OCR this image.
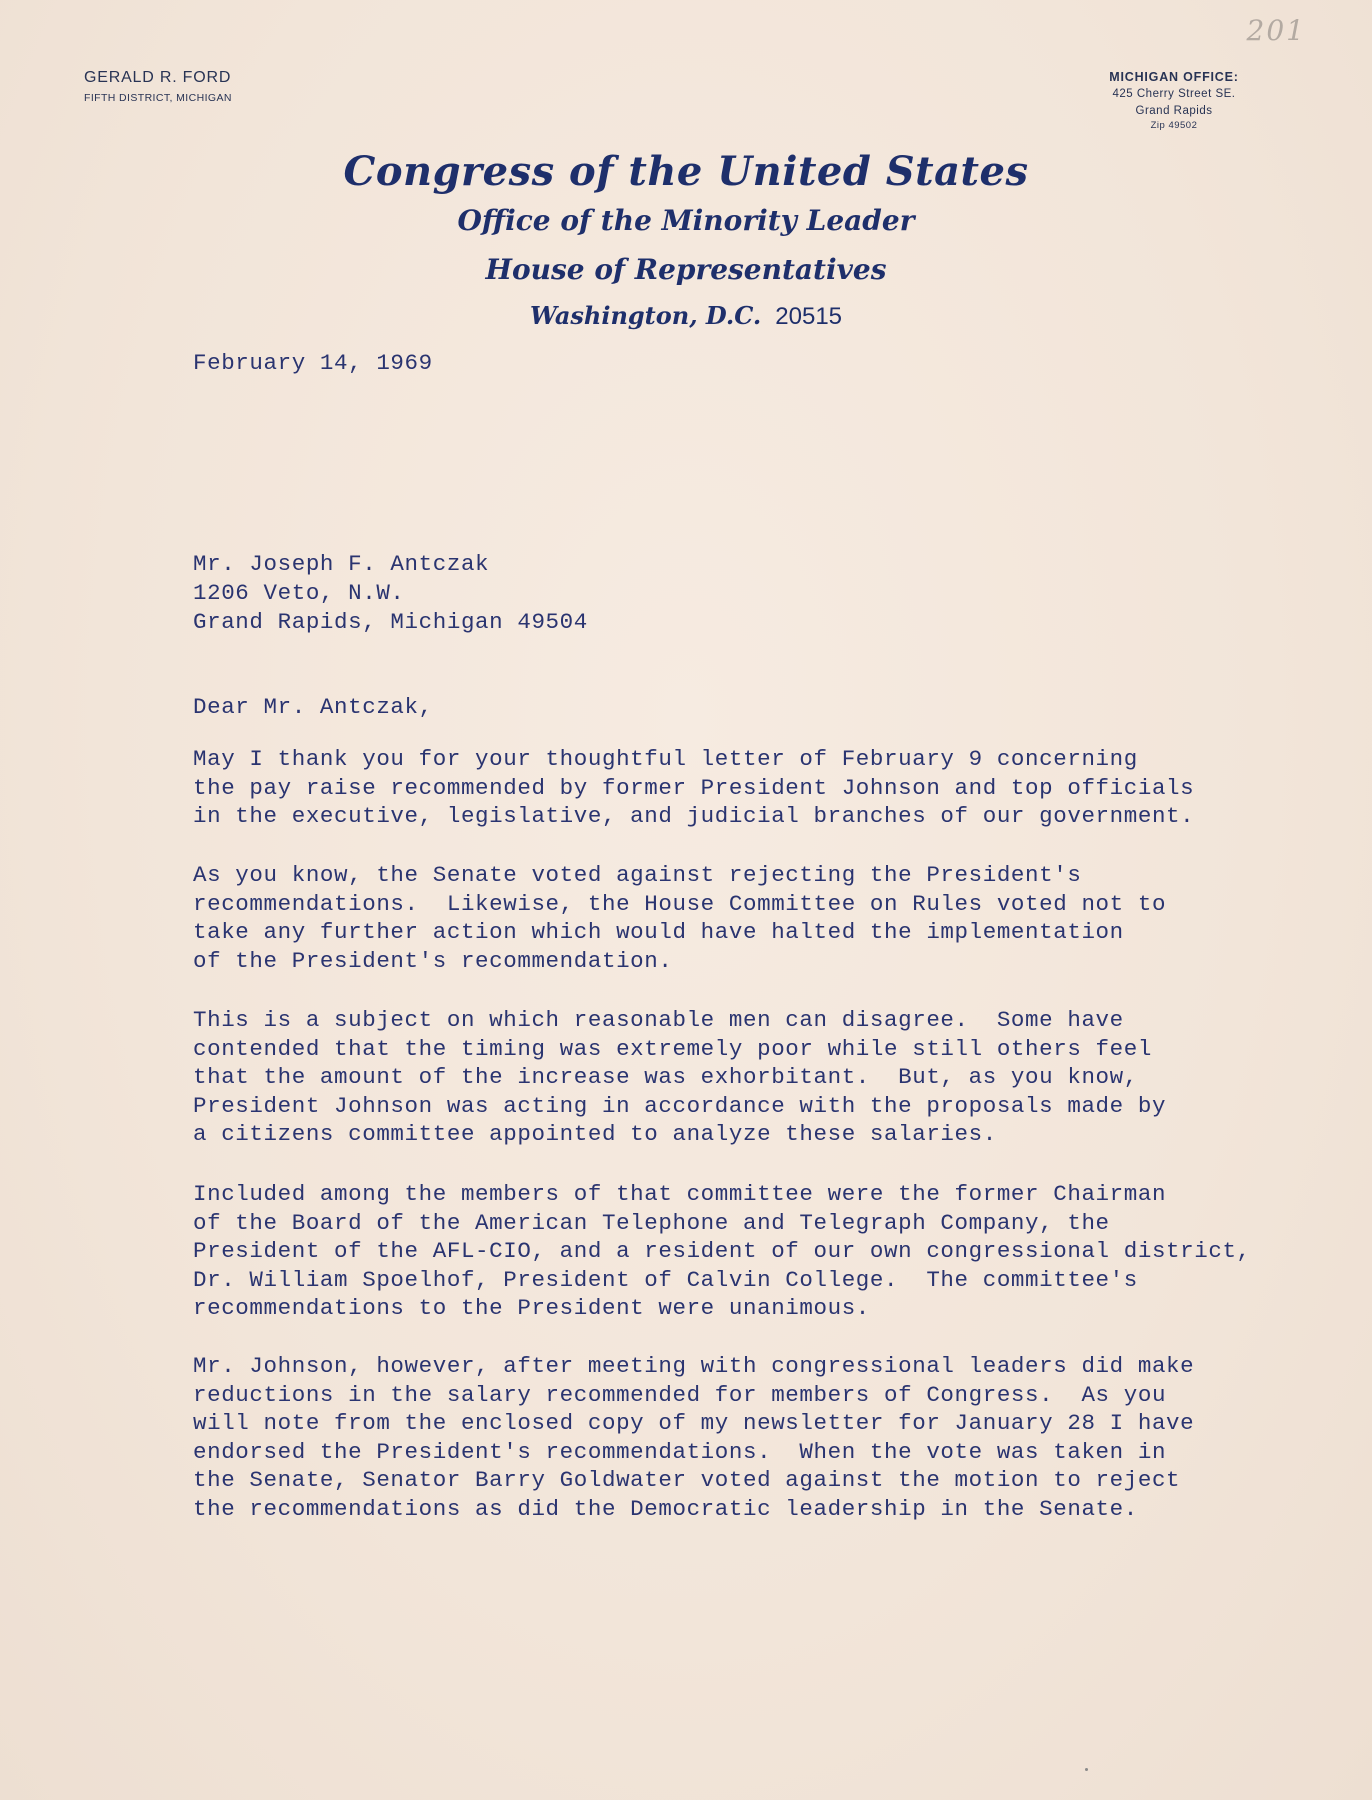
201
GERALD R. FORD
FIFTH DISTRICT, MICHIGAN
MICHIGAN OFFICE:
425 Cherry Street SE.
Grand Rapids
Zip 49502
Congress of the United States
Office of the Minority Leader
House of Representatives
Washington, D.C. 20515
February 14, 1969
Mr. Joseph F. Antczak
1206 Veto, N.W.
Grand Rapids, Michigan 49504
Dear Mr. Antczak,
May I thank you for your thoughtful letter of February 9 concerning
the pay raise recommended by former President Johnson and top officials
in the executive, legislative, and judicial branches of our government.
As you know, the Senate voted against rejecting the President's
recommendations.  Likewise, the House Committee on Rules voted not to
take any further action which would have halted the implementation
of the President's recommendation.
This is a subject on which reasonable men can disagree.  Some have
contended that the timing was extremely poor while still others feel
that the amount of the increase was exhorbitant.  But, as you know,
President Johnson was acting in accordance with the proposals made by
a citizens committee appointed to analyze these salaries.
Included among the members of that committee were the former Chairman
of the Board of the American Telephone and Telegraph Company, the
President of the AFL-CIO, and a resident of our own congressional district,
Dr. William Spoelhof, President of Calvin College.  The committee's
recommendations to the President were unanimous.
Mr. Johnson, however, after meeting with congressional leaders did make
reductions in the salary recommended for members of Congress.  As you
will note from the enclosed copy of my newsletter for January 28 I have
endorsed the President's recommendations.  When the vote was taken in
the Senate, Senator Barry Goldwater voted against the motion to reject
the recommendations as did the Democratic leadership in the Senate.
